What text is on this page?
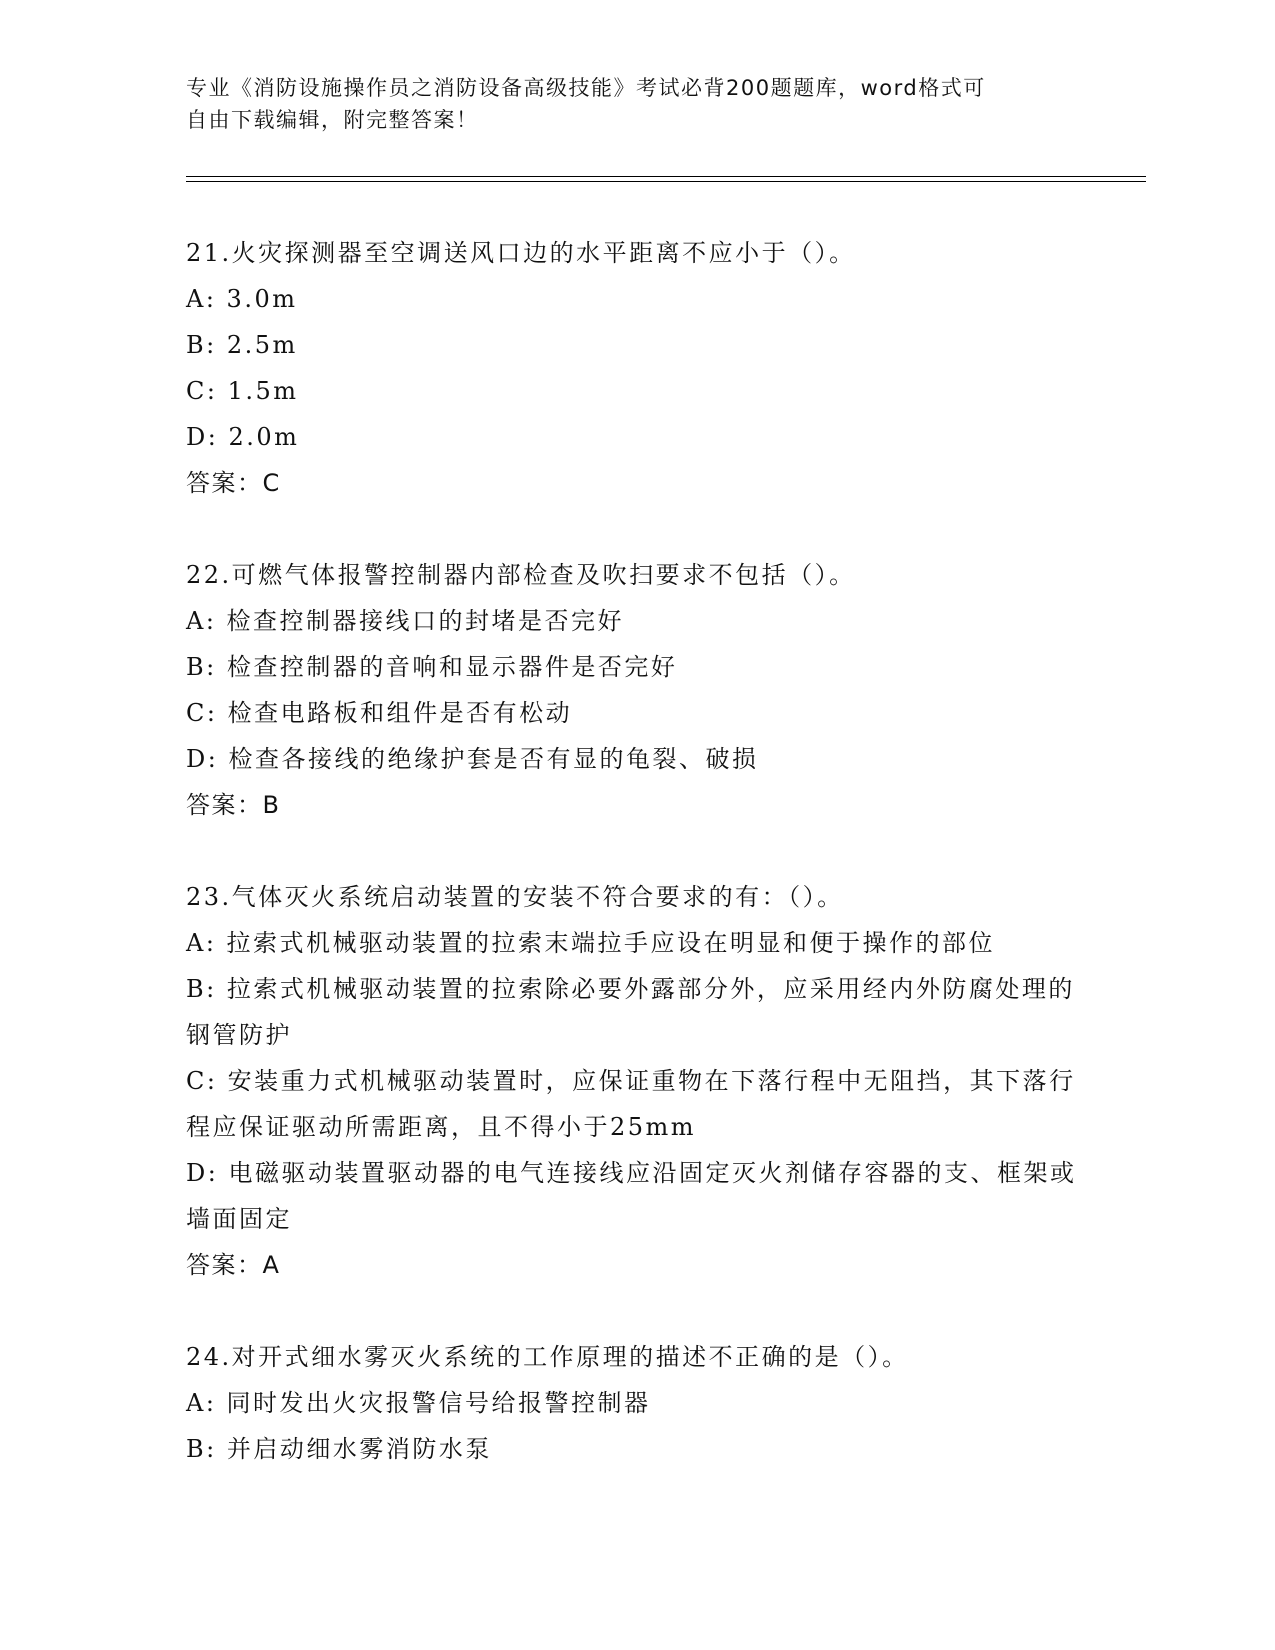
专业《消防设施操作员之消防设备高级技能》考试必背200题题库，word格式可
自由下载编辑，附完整答案！
21.火灾探测器至空调送风口边的水平距离不应小于（）。
A: 3.0m
B: 2.5m
C: 1.5m
D: 2.0m
答案：C
22.可燃气体报警控制器内部检查及吹扫要求不包括（）。
A: 检查控制器接线口的封堵是否完好
B: 检查控制器的音响和显示器件是否完好
C: 检查电路板和组件是否有松动
D: 检查各接线的绝缘护套是否有显的龟裂、破损
答案：B
23.气体灭火系统启动装置的安装不符合要求的有：（）。
A: 拉索式机械驱动装置的拉索末端拉手应设在明显和便于操作的部位
B: 拉索式机械驱动装置的拉索除必要外露部分外，应采用经内外防腐处理的钢管防护
C: 安装重力式机械驱动装置时，应保证重物在下落行程中无阻挡，其下落行程应保证驱动所需距离，且不得小于25mm
D: 电磁驱动装置驱动器的电气连接线应沿固定灭火剂储存容器的支、框架或墙面固定
答案：A
24.对开式细水雾灭火系统的工作原理的描述不正确的是（）。
A: 同时发出火灾报警信号给报警控制器
B: 并启动细水雾消防水泵
